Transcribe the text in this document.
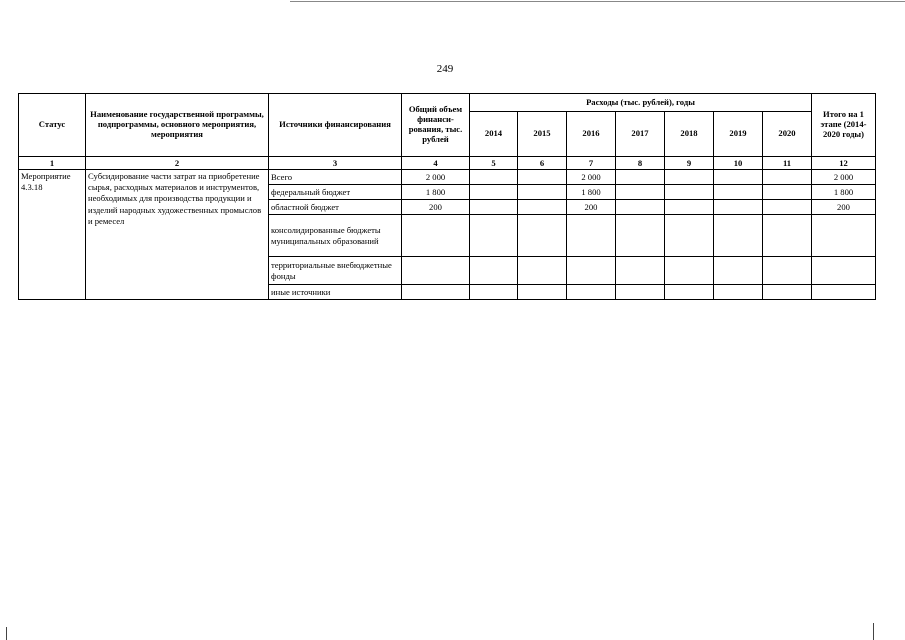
249
Статус	Наименование государственной программы, подпрограммы, основного мероприятия, мероприятия	Источники финансирования	Общий объем финанси-рования, тыс. рублей	Расходы (тыс. рублей), годы							Итого на 1 этапе (2014-2020 годы)
				2014	2015	2016	2017	2018	2019	2020	
1	2	3	4	5	6	7	8	9	10	11	12
Мероприятие 4.3.18	Субсидирование части затрат на приобретение сырья, расходных материалов и инструментов, необходимых для производства продукции и изделий народных художественных промыслов и ремесел	Всего	2 000			2 000					2 000
		федеральный бюджет	1 800			1 800					1 800
		областной бюджет	200			200					200
		консолидированные бюджеты муниципальных образований									
		территориальные внебюджетные фонды									
		иные источники									
